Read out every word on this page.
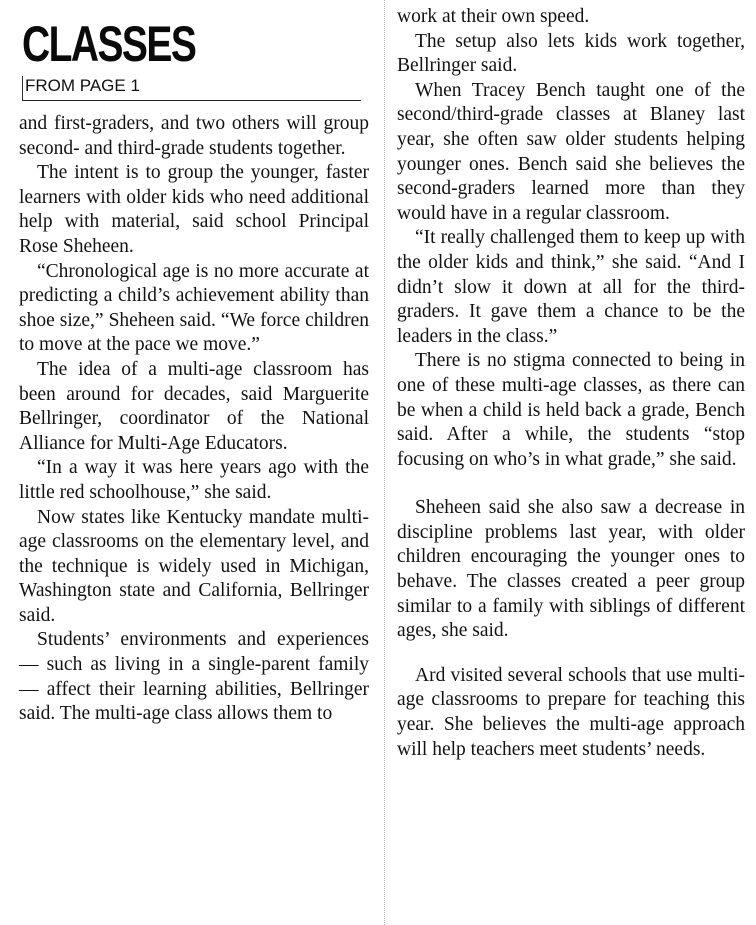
CLASSES
FROM PAGE 1

and first-graders, and two others will group second- and third-grade students together.

The intent is to group the younger, faster learners with older kids who need additional help with material, said school Principal Rose Sheheen.

“Chronological age is no more accurate at predicting a child’s achievement ability than shoe size,” Sheheen said. “We force children to move at the pace we move.”

The idea of a multi-age classroom has been around for decades, said Marguerite Bellringer, coordinator of the National Alliance for Multi-Age Educators.

“In a way it was here years ago with the little red schoolhouse,” she said.

Now states like Kentucky mandate multi-age classrooms on the elementary level, and the technique is widely used in Michigan, Washington state and California, Bellringer said.

Students’ environments and experiences — such as living in a single-parent family — affect their learning abilities, Bellringer said. The multi-age class allows them to

work at their own speed.

The setup also lets kids work together, Bellringer said.

When Tracey Bench taught one of the second/third-grade classes at Blaney last year, she often saw older students helping younger ones. Bench said she believes the second-graders learned more than they would have in a regular classroom.

“It really challenged them to keep up with the older kids and think,” she said. “And I didn’t slow it down at all for the third-graders. It gave them a chance to be the leaders in the class.”

There is no stigma connected to being in one of these multi-age classes, as there can be when a child is held back a grade, Bench said. After a while, the students “stop focusing on who’s in what grade,” she said.

Sheheen said she also saw a decrease in discipline problems last year, with older children encouraging the younger ones to behave. The classes created a peer group similar to a family with siblings of different ages, she said.

Ard visited several schools that use multi-age classrooms to prepare for teaching this year. She believes the multi-age approach will help teachers meet students’ needs.
